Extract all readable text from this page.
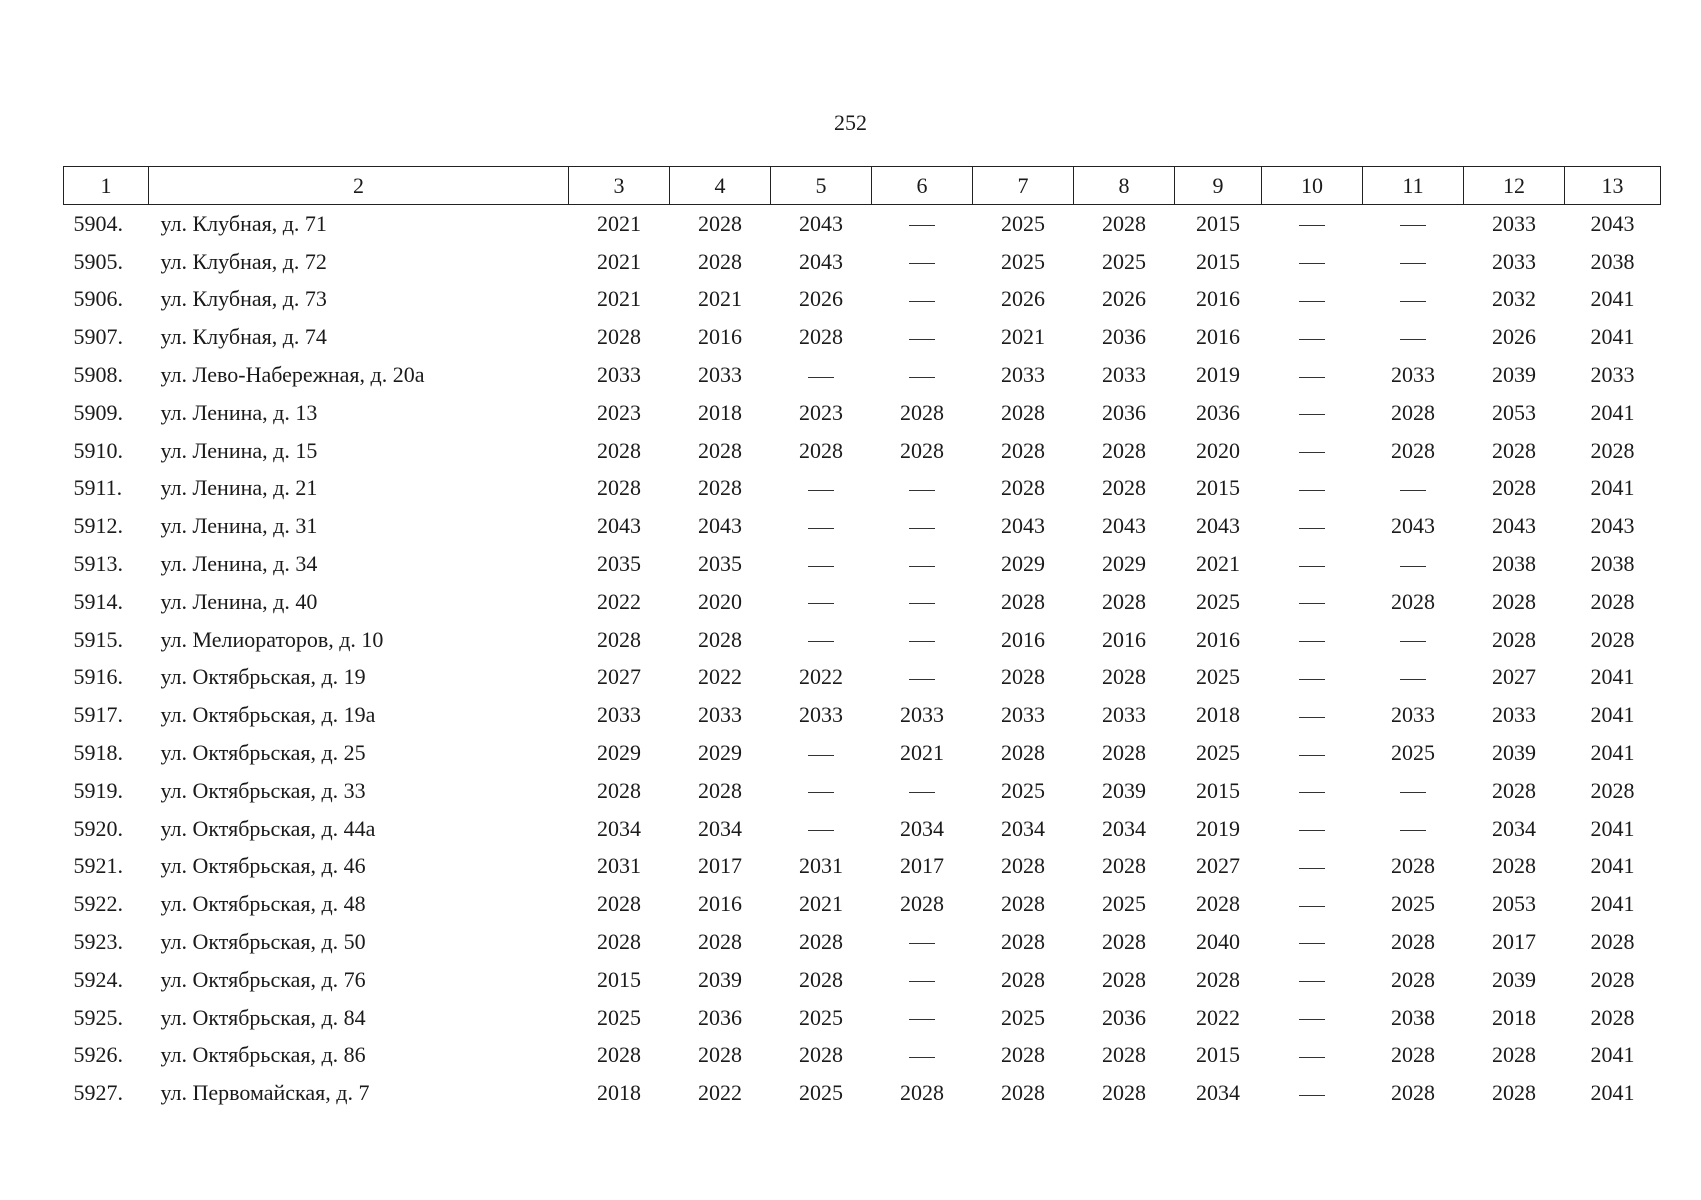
252
1	2	3	4	5	6	7	8	9	10	11	12	13
5904.	ул. Клубная, д. 71	2021	2028	2043		2025	2028	2015			2033	2043
5905.	ул. Клубная, д. 72	2021	2028	2043		2025	2025	2015			2033	2038
5906.	ул. Клубная, д. 73	2021	2021	2026		2026	2026	2016			2032	2041
5907.	ул. Клубная, д. 74	2028	2016	2028		2021	2036	2016			2026	2041
5908.	ул. Лево-Набережная, д. 20а	2033	2033			2033	2033	2019		2033	2039	2033
5909.	ул. Ленина, д. 13	2023	2018	2023	2028	2028	2036	2036		2028	2053	2041
5910.	ул. Ленина, д. 15	2028	2028	2028	2028	2028	2028	2020		2028	2028	2028
5911.	ул. Ленина, д. 21	2028	2028			2028	2028	2015			2028	2041
5912.	ул. Ленина, д. 31	2043	2043			2043	2043	2043		2043	2043	2043
5913.	ул. Ленина, д. 34	2035	2035			2029	2029	2021			2038	2038
5914.	ул. Ленина, д. 40	2022	2020			2028	2028	2025		2028	2028	2028
5915.	ул. Мелиораторов, д. 10	2028	2028			2016	2016	2016			2028	2028
5916.	ул. Октябрьская, д. 19	2027	2022	2022		2028	2028	2025			2027	2041
5917.	ул. Октябрьская, д. 19а	2033	2033	2033	2033	2033	2033	2018		2033	2033	2041
5918.	ул. Октябрьская, д. 25	2029	2029		2021	2028	2028	2025		2025	2039	2041
5919.	ул. Октябрьская, д. 33	2028	2028			2025	2039	2015			2028	2028
5920.	ул. Октябрьская, д. 44а	2034	2034		2034	2034	2034	2019			2034	2041
5921.	ул. Октябрьская, д. 46	2031	2017	2031	2017	2028	2028	2027		2028	2028	2041
5922.	ул. Октябрьская, д. 48	2028	2016	2021	2028	2028	2025	2028		2025	2053	2041
5923.	ул. Октябрьская, д. 50	2028	2028	2028		2028	2028	2040		2028	2017	2028
5924.	ул. Октябрьская, д. 76	2015	2039	2028		2028	2028	2028		2028	2039	2028
5925.	ул. Октябрьская, д. 84	2025	2036	2025		2025	2036	2022		2038	2018	2028
5926.	ул. Октябрьская, д. 86	2028	2028	2028		2028	2028	2015		2028	2028	2041
5927.	ул. Первомайская, д. 7	2018	2022	2025	2028	2028	2028	2034		2028	2028	2041
